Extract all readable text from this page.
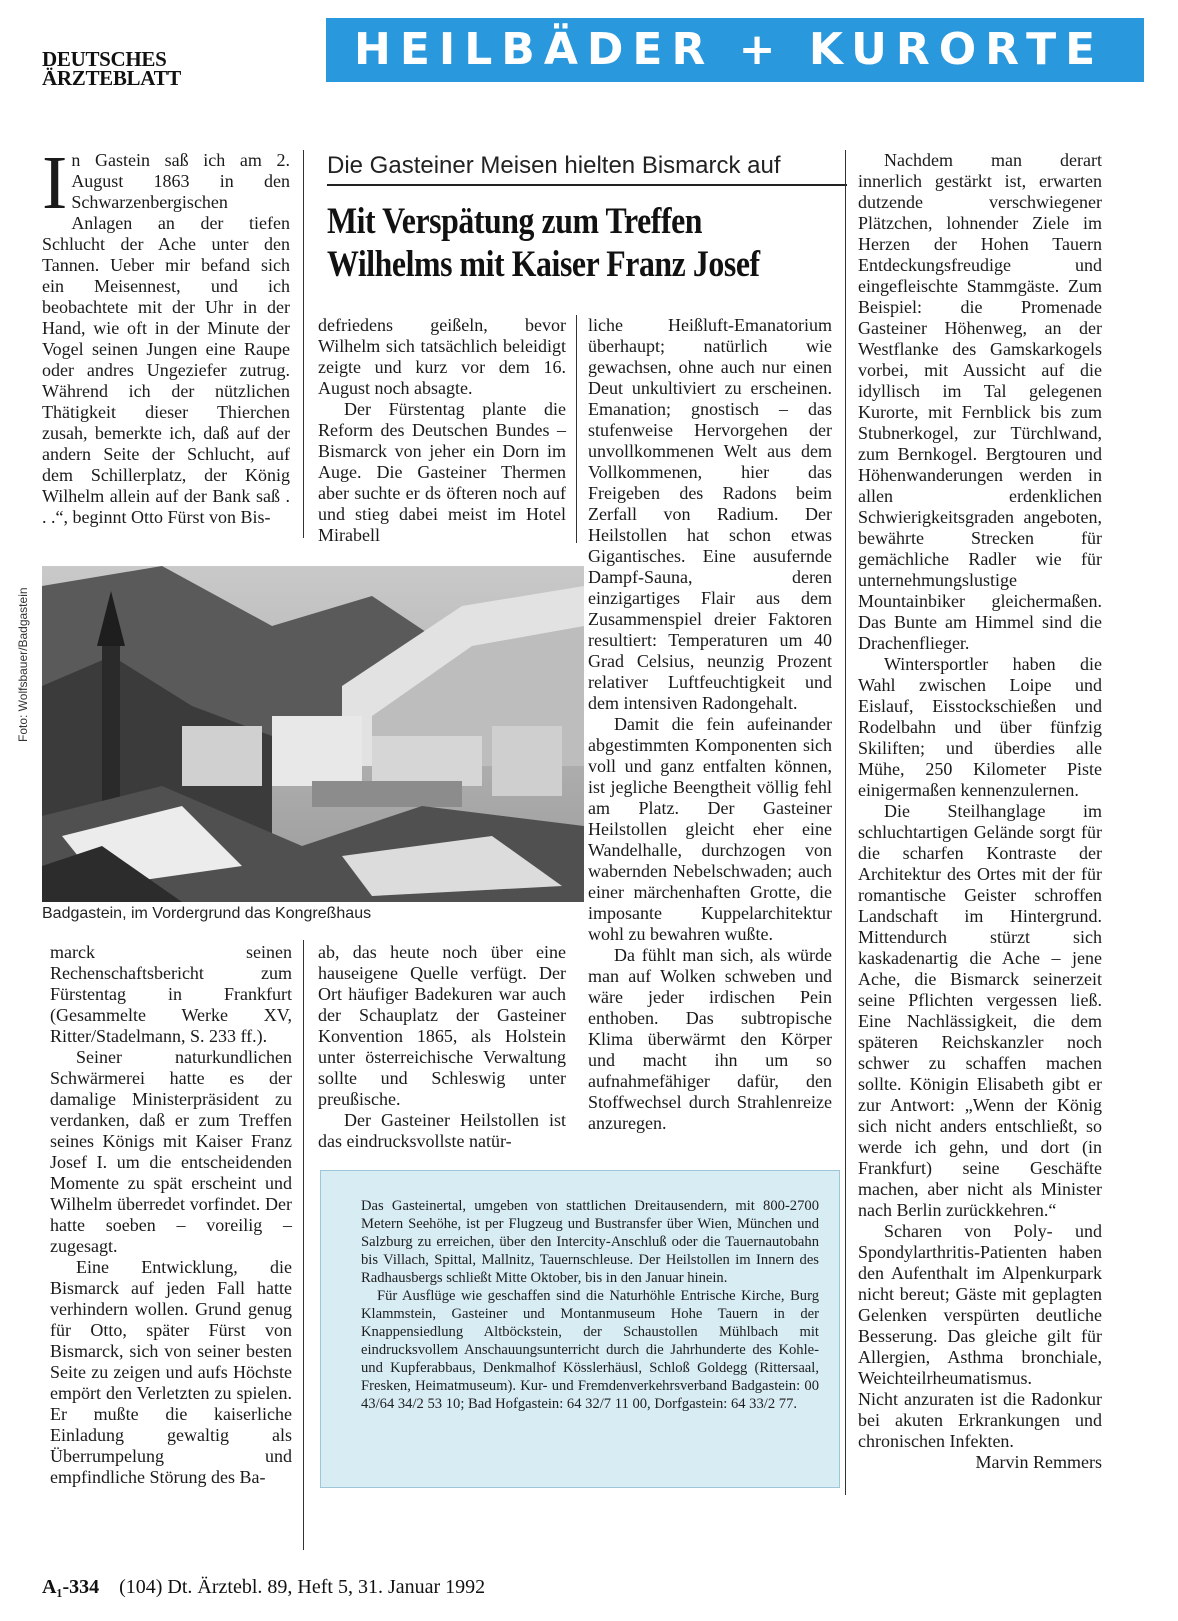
DEUTSCHES
ÄRZTEBLATT
HEILBÄDER + KURORTE

In Gastein saß ich am 2. August 1863 in den Schwarzenbergischen Anlagen an der tiefen Schlucht der Ache unter den Tannen. Ueber mir befand sich ein Meisennest, und ich beobachtete mit der Uhr in der Hand, wie oft in der Minute der Vogel seinen Jungen eine Raupe oder andres Ungeziefer zutrug. Während ich der nützlichen Thätigkeit dieser Thierchen zusah, bemerkte ich, daß auf der andern Seite der Schlucht, auf dem Schillerplatz, der König Wilhelm allein auf der Bank saß . . .“, beginnt Otto Fürst von Bis-

Die Gasteiner Meisen hielten Bismarck auf
Mit Verspätung zum Treffen
Wilhelms mit Kaiser Franz Josef

defriedens geißeln, bevor Wilhelm sich tatsächlich beleidigt zeigte und kurz vor dem 16. August noch absagte.

Der Fürstentag plante die Reform des Deutschen Bundes – Bismarck von jeher ein Dorn im Auge. Die Gasteiner Thermen aber suchte er ds öfteren noch auf und stieg dabei meist im Hotel Mirabell

Foto: Wolfsbauer/Badgastein
Badgastein, im Vordergrund das Kongreßhaus

marck seinen Rechenschaftsbericht zum Fürstentag in Frankfurt (Gesammelte Werke XV, Ritter/Stadelmann, S. 233 ff.).

Seiner naturkundlichen Schwärmerei hatte es der damalige Ministerpräsident zu verdanken, daß er zum Treffen seines Königs mit Kaiser Franz Josef I. um die entscheidenden Momente zu spät erscheint und Wilhelm überredet vorfindet. Der hatte soeben – voreilig – zugesagt.

Eine Entwicklung, die Bismarck auf jeden Fall hatte verhindern wollen. Grund genug für Otto, später Fürst von Bismarck, sich von seiner besten Seite zu zeigen und aufs Höchste empört den Verletzten zu spielen. Er mußte die kaiserliche Einladung gewaltig als Überrumpelung und empfindliche Störung des Ba-

ab, das heute noch über eine hauseigene Quelle verfügt. Der Ort häufiger Badekuren war auch der Schauplatz der Gasteiner Konvention 1865, als Holstein unter österreichische Verwaltung sollte und Schleswig unter preußische.

Der Gasteiner Heilstollen ist das eindrucksvollste natür-

liche Heißluft-Emanatorium überhaupt; natürlich wie gewachsen, ohne auch nur einen Deut unkultiviert zu erscheinen. Emanation; gnostisch – das stufenweise Hervorgehen der unvollkommenen Welt aus dem Vollkommenen, hier das Freigeben des Radons beim Zerfall von Radium. Der Heilstollen hat schon etwas Gigantisches. Eine ausufernde Dampf-Sauna, deren einzigartiges Flair aus dem Zusammenspiel dreier Faktoren resultiert: Temperaturen um 40 Grad Celsius, neunzig Prozent relativer Luftfeuchtigkeit und dem intensiven Radongehalt.

Damit die fein aufeinander abgestimmten Komponenten sich voll und ganz entfalten können, ist jegliche Beengtheit völlig fehl am Platz. Der Gasteiner Heilstollen gleicht eher eine Wandelhalle, durchzogen von wabernden Nebelschwaden; auch einer märchenhaften Grotte, die imposante Kuppelarchitektur wohl zu bewahren wußte.

Da fühlt man sich, als würde man auf Wolken schweben und wäre jeder irdischen Pein enthoben. Das subtropische Klima überwärmt den Körper und macht ihn um so aufnahmefähiger dafür, den Stoffwechsel durch Strahlenreize anzuregen.

Nachdem man derart innerlich gestärkt ist, erwarten dutzende verschwiegener Plätzchen, lohnender Ziele im Herzen der Hohen Tauern Entdeckungsfreudige und eingefleischte Stammgäste. Zum Beispiel: die Promenade Gasteiner Höhenweg, an der Westflanke des Gamskarkogels vorbei, mit Aussicht auf die idyllisch im Tal gelegenen Kurorte, mit Fernblick bis zum Stubnerkogel, zur Türchlwand, zum Bernkogel. Bergtouren und Höhenwanderungen werden in allen erdenklichen Schwierigkeitsgraden angeboten, bewährte Strecken für gemächliche Radler wie für unternehmungslustige Mountainbiker gleichermaßen. Das Bunte am Himmel sind die Drachenflieger.

Wintersportler haben die Wahl zwischen Loipe und Eislauf, Eisstockschießen und Rodelbahn und über fünfzig Skiliften; und überdies alle Mühe, 250 Kilometer Piste einigermaßen kennenzulernen.

Die Steilhanglage im schluchtartigen Gelände sorgt für die scharfen Kontraste der Architektur des Ortes mit der für romantische Geister schroffen Landschaft im Hintergrund. Mittendurch stürzt sich kaskadenartig die Ache – jene Ache, die Bismarck seinerzeit seine Pflichten vergessen ließ. Eine Nachlässigkeit, die dem späteren Reichskanzler noch schwer zu schaffen machen sollte. Königin Elisabeth gibt er zur Antwort: „Wenn der König sich nicht anders entschließt, so werde ich gehn, und dort (in Frankfurt) seine Geschäfte machen, aber nicht als Minister nach Berlin zurückkehren.“

Scharen von Poly- und Spondylarthritis-Patienten haben den Aufenthalt im Alpenkurpark nicht bereut; Gäste mit geplagten Gelenken verspürten deutliche Besserung. Das gleiche gilt für Allergien, Asthma bronchiale, Weichteilrheumatismus.

Nicht anzuraten ist die Radonkur bei akuten Erkrankungen und chronischen Infekten.
Marvin Remmers

Das Gasteinertal, umgeben von stattlichen Dreitausendern, mit 800-2700 Metern Seehöhe, ist per Flugzeug und Bustransfer über Wien, München und Salzburg zu erreichen, über den Intercity-Anschluß oder die Tauernautobahn bis Villach, Spittal, Mallnitz, Tauernschleuse. Der Heilstollen im Innern des Radhausbergs schließt Mitte Oktober, bis in den Januar hinein.

Für Ausflüge wie geschaffen sind die Naturhöhle Entrische Kirche, Burg Klammstein, Gasteiner und Montanmuseum Hohe Tauern in der Knappensiedlung Altböckstein, der Schaustollen Mühlbach mit eindrucksvollem Anschauungsunterricht durch die Jahrhunderte des Kohle- und Kupferabbaus, Denkmalhof Kösslerhäusl, Schloß Goldegg (Rittersaal, Fresken, Heimatmuseum). Kur- und Fremdenverkehrsverband Badgastein: 00 43/64 34/2 53 10; Bad Hofgastein: 64 32/7 11 00, Dorfgastein: 64 33/2 77.

A₁-334 (104) Dt. Ärztebl. 89, Heft 5, 31. Januar 1992
